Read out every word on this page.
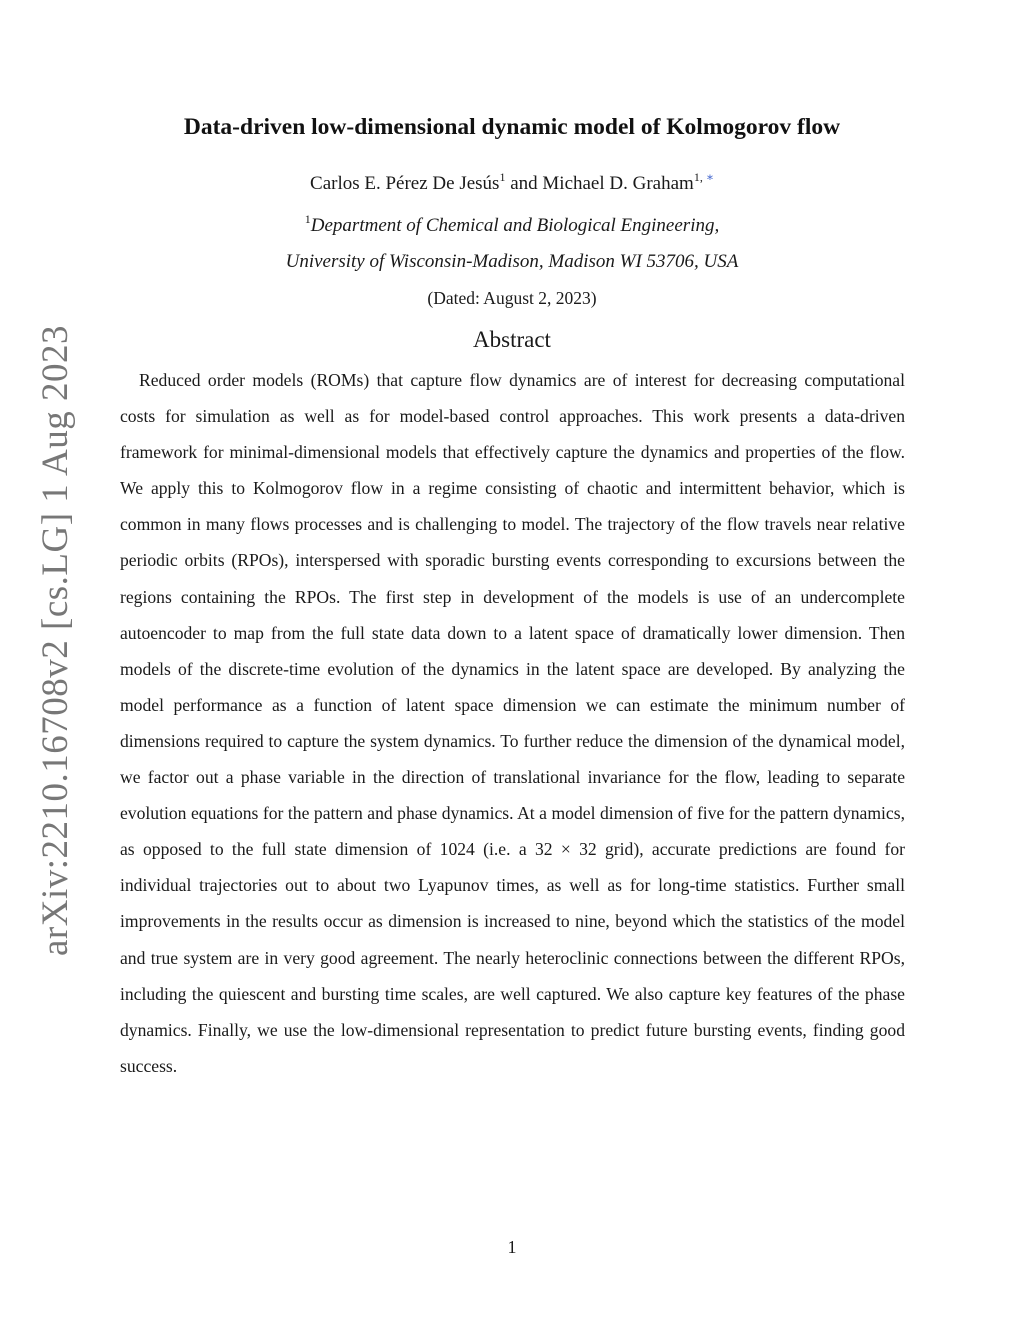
arXiv:2210.16708v2 [cs.LG] 1 Aug 2023
Data-driven low-dimensional dynamic model of Kolmogorov flow
Carlos E. Pérez De Jesús$^1$ and Michael D. Graham$^{1, ∗}$
$^1$Department of Chemical and Biological Engineering,
University of Wisconsin-Madison, Madison WI 53706, USA
(Dated: August 2, 2023)
Abstract
Reduced order models (ROMs) that capture flow dynamics are of interest for decreasing computational costs for simulation as well as for model-based control approaches. This work presents a data-driven framework for minimal-dimensional models that effectively capture the dynamics and properties of the flow. We apply this to Kolmogorov flow in a regime consisting of chaotic and intermittent behavior, which is common in many flows processes and is challenging to model. The trajectory of the flow travels near relative periodic orbits (RPOs), interspersed with sporadic bursting events corresponding to excursions between the regions containing the RPOs. The first step in development of the models is use of an undercomplete autoencoder to map from the full state data down to a latent space of dramatically lower dimension. Then models of the discrete-time evolution of the dynamics in the latent space are developed. By analyzing the model performance as a function of latent space dimension we can estimate the minimum number of dimensions required to capture the system dynamics. To further reduce the dimension of the dynamical model, we factor out a phase variable in the direction of translational invariance for the flow, leading to separate evolution equations for the pattern and phase dynamics. At a model dimension of five for the pattern dynamics, as opposed to the full state dimension of 1024 (i.e. a 32 × 32 grid), accurate predictions are found for individual trajectories out to about two Lyapunov times, as well as for long-time statistics. Further small improvements in the results occur as dimension is increased to nine, beyond which the statistics of the model and true system are in very good agreement. The nearly heteroclinic connections between the different RPOs, including the quiescent and bursting time scales, are well captured. We also capture key features of the phase dynamics. Finally, we use the low-dimensional representation to predict future bursting events, finding good success.
1
